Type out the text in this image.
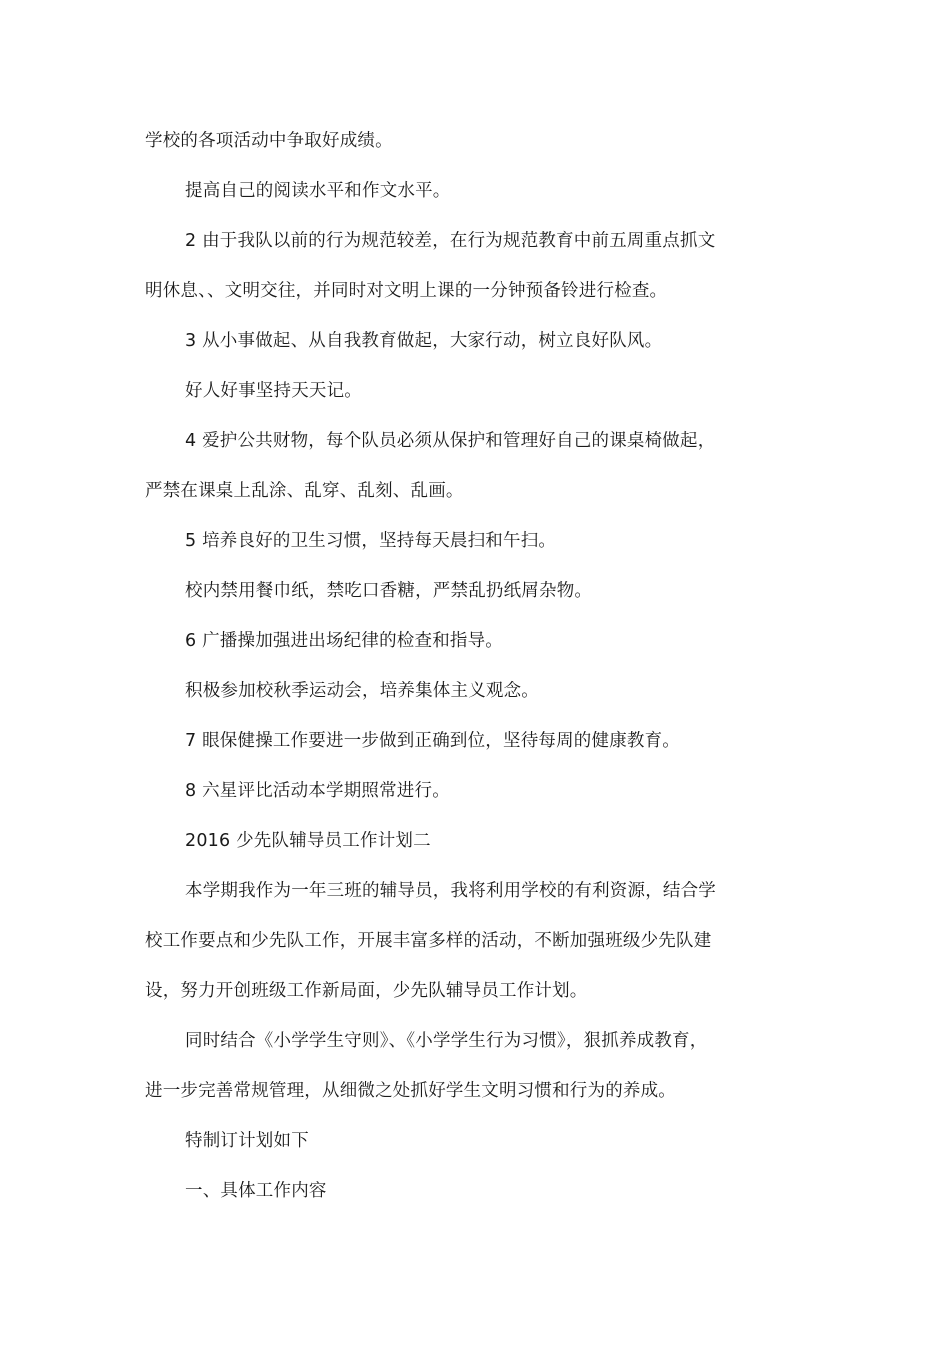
学校的各项活动中争取好成绩。
提高自己的阅读水平和作文水平。
2 由于我队以前的行为规范较差，在行为规范教育中前五周重点抓文
明休息、、文明交往，并同时对文明上课的一分钟预备铃进行检查。
3 从小事做起、从自我教育做起，大家行动，树立良好队风。
好人好事坚持天天记。
4 爱护公共财物，每个队员必须从保护和管理好自己的课桌椅做起，
严禁在课桌上乱涂、乱穿、乱刻、乱画。
5 培养良好的卫生习惯，坚持每天晨扫和午扫。
校内禁用餐巾纸，禁吃口香糖，严禁乱扔纸屑杂物。
6 广播操加强进出场纪律的检查和指导。
积极参加校秋季运动会，培养集体主义观念。
7 眼保健操工作要进一步做到正确到位，坚待每周的健康教育。
8 六星评比活动本学期照常进行。
2016 少先队辅导员工作计划二
本学期我作为一年三班的辅导员，我将利用学校的有利资源，结合学
校工作要点和少先队工作，开展丰富多样的活动，不断加强班级少先队建
设，努力开创班级工作新局面，少先队辅导员工作计划。
同时结合《小学学生守则》、《小学学生行为习惯》，狠抓养成教育，
进一步完善常规管理，从细微之处抓好学生文明习惯和行为的养成。
特制订计划如下
一、具体工作内容
